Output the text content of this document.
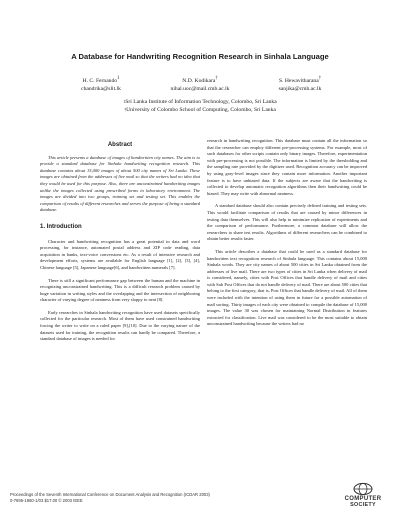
A Database for Handwriting Recognition Research in Sinhala Language
H. C. Fernando$^1$
chandrika@slit.lk
N.D. Kodikara†
nihal.uoc@mail.cmb.ac.lk
S. Hewavitharana†
sanjika@cmb.ac.lk
$^1$Sri Lanka Institute of Information Technology, Colombo, Sri Lanka
†University of Colombo School of Computing, Colombo, Sri Lanka
Abstract
This article presents a database of images of handwritten city names. The aim is to provide a standard database for Sinhala handwriting recognition research. This database contains about 15,000 images of about 500 city names of Sri Lanka. These images are obtained from the addresses of live mail so that the writers had no idea that they would be used for this purpose. Also, there are unconstrained handwriting images unlike the images collected using prescribed forms in laboratory environment. The images are divided into two groups, training set and testing set. This enables the comparison of results of different researches and serves the purpose of being a standard database.
1. Introduction
Character and handwriting recognition has a great potential in data and word processing, for instance, automated postal address and ZIP code reading, data acquisition in banks, text-voice conversions etc. As a result of intensive research and development efforts, systems are available for English language [1], [2], [3], [4], Chinese language [5], Japanese language[6], and handwritten numerals [7].
There is still a significant performance gap between the human and the machine in recognizing unconstrained handwriting. This is a difficult research problem caused by huge variation in writing styles and the overlapping and the intersection of neighboring character of varying degree of neatness from very sloppy to neat [8].
Early researches in Sinhala handwriting recognition have used datasets specifically collected for the particular research. Most of them have used constrained handwriting forcing the writer to write on a ruled paper [9],[10]. Due to the varying nature of the datasets used for training, the recognition results can hardly be compared. Therefore, a standard database of images is needed for
research in handwriting recognition. This database must contain all the information so that the researcher can employ different pre-processing systems. For example, most of such databases for other scripts contain only binary images. Therefore, experimentation with pre-processing is not possible. The information is limited by the thresholding and the sampling rate provided by the digitizer used. Recognition accuracy can be improved by using gray-level images since they contain more information. Another important feature is to have unbiased data. If the subjects are aware that the handwriting is collected to develop automatic recognition algorithms then their handwriting could be biased. They may write with abnormal neatness.
A standard database should also contain precisely defined training and testing sets. This would facilitate comparison of results that are caused by minor differences in testing data themselves. This will also help to minimize replication of experiments and the comparison of performance. Furthermore, a common database will allow the researchers to share test results. Algorithms of different researchers can be combined to obtain better results faster.
This article describes a database that could be used as a standard database for handwritten text recognition research of Sinhala language. This contains about 15,000 Sinhala words. They are city names of about 500 cities in Sri Lanka obtained from the addresses of live mail. There are two types of cities in Sri Lanka when delivery of mail is considered, namely, cities with Post Offices that handle delivery of mail and cities with Sub Post Offices that do not handle delivery of mail. There are about 500 cities that belong to the first category, that is, Post Offices that handle delivery of mail. All of them were included with the intention of using them in future for a possible automation of mail sorting. Thirty images of each city were obtained to compile the database of 15,000 images. The value 30 was chosen for maintaining Normal Distribution in features extracted for classification. Live mail was considered to be the most suitable to obtain unconstrained handwriting because the writers had no
Proceedings of the Seventh International Conference on Document Analysis and Recognition (ICDAR 2003)
0-7695-1960-1/03 $17.00 © 2003 IEEE	COMPUTER
SOCIETY
